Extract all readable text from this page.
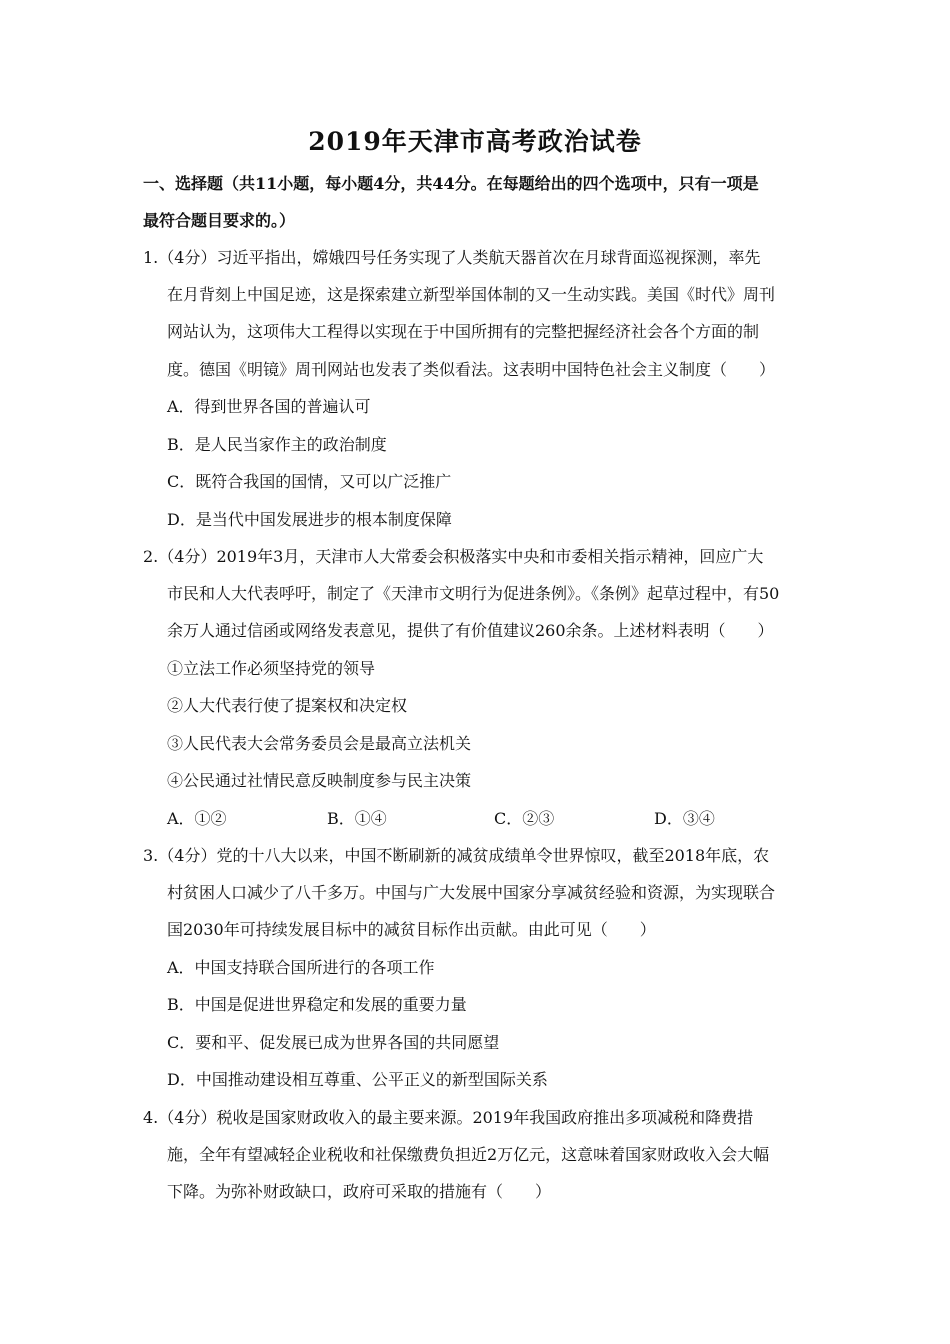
2019年天津市高考政治试卷
一、选择题（共11小题，每小题4分，共44分。在每题给出的四个选项中，只有一项是
最符合题目要求的。）
1.（4分）习近平指出，嫦娥四号任务实现了人类航天器首次在月球背面巡视探测，率先
在月背刻上中国足迹，这是探索建立新型举国体制的又一生动实践。美国《时代》周刊
网站认为，这项伟大工程得以实现在于中国所拥有的完整把握经济社会各个方面的制
度。德国《明镜》周刊网站也发表了类似看法。这表明中国特色社会主义制度（　　）
A．得到世界各国的普遍认可
B．是人民当家作主的政治制度
C．既符合我国的国情，又可以广泛推广
D．是当代中国发展进步的根本制度保障
2.（4分）2019年3月，天津市人大常委会积极落实中央和市委相关指示精神，回应广大
市民和人大代表呼吁，制定了《天津市文明行为促进条例》。《条例》起草过程中，有50
余万人通过信函或网络发表意见，提供了有价值建议260余条。上述材料表明（　　）
①立法工作必须坚持党的领导
②人大代表行使了提案权和决定权
③人民代表大会常务委员会是最高立法机关
④公民通过社情民意反映制度参与民主决策
A．①②	B．①④	C．②③	D．③④
3.（4分）党的十八大以来，中国不断刷新的减贫成绩单令世界惊叹，截至2018年底，农
村贫困人口减少了八千多万。中国与广大发展中国家分享减贫经验和资源，为实现联合
国2030年可持续发展目标中的减贫目标作出贡献。由此可见（　　）
A．中国支持联合国所进行的各项工作
B．中国是促进世界稳定和发展的重要力量
C．要和平、促发展已成为世界各国的共同愿望
D．中国推动建设相互尊重、公平正义的新型国际关系
4.（4分）税收是国家财政收入的最主要来源。2019年我国政府推出多项减税和降费措
施，全年有望减轻企业税收和社保缴费负担近2万亿元，这意味着国家财政收入会大幅
下降。为弥补财政缺口，政府可采取的措施有（　　）
